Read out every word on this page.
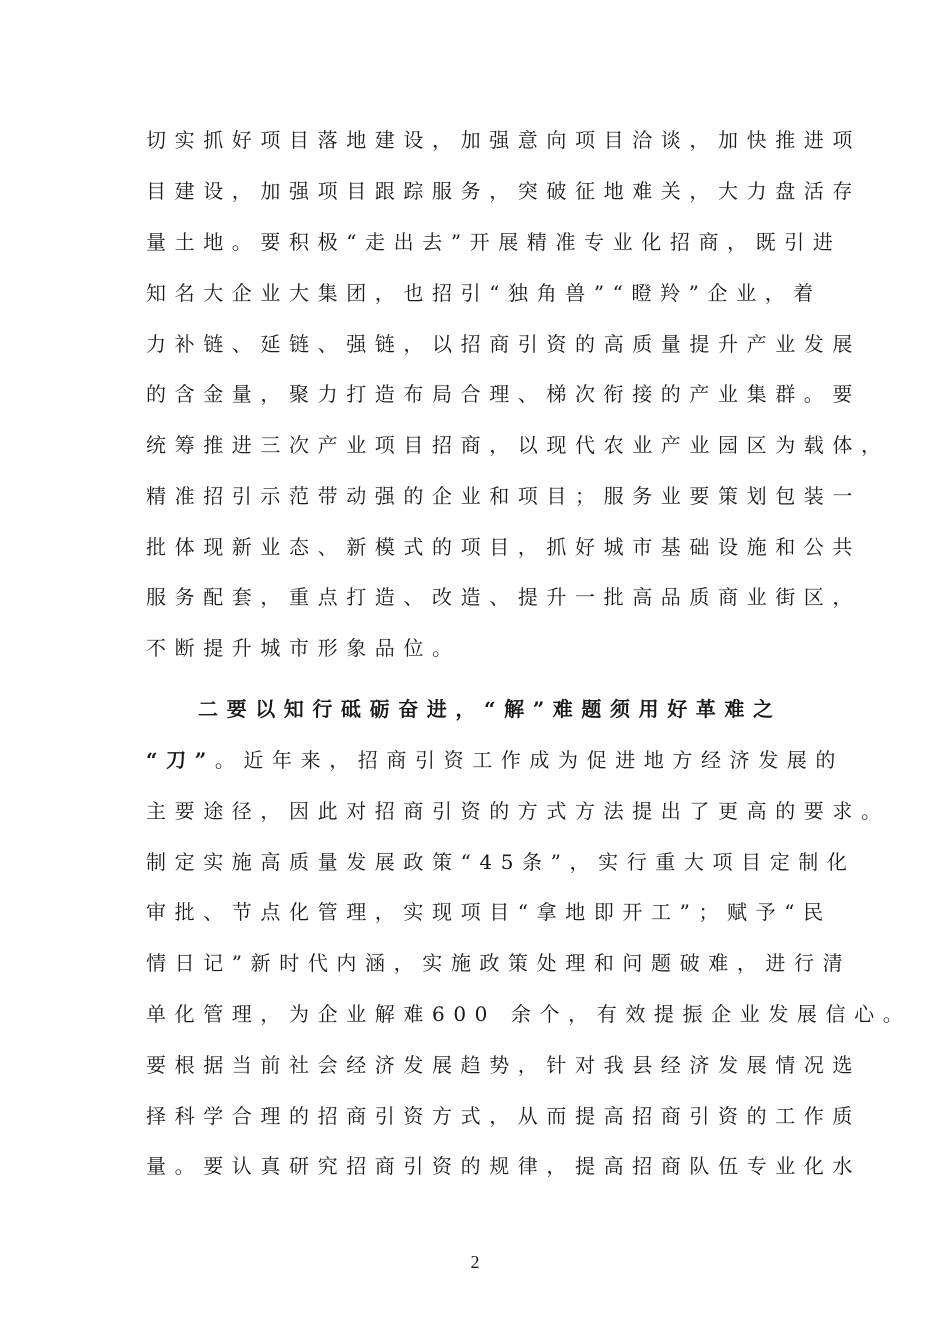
切实抓好项目落地建设，加强意向项目洽谈，加快推进项
目建设，加强项目跟踪服务，突破征地难关，大力盘活存
量土地。要积极“走出去”开展精准专业化招商，既引进
知名大企业大集团，也招引“独角兽”“瞪羚”企业，着
力补链、延链、强链，以招商引资的高质量提升产业发展
的含金量，聚力打造布局合理、梯次衔接的产业集群。要
统筹推进三次产业项目招商，以现代农业产业园区为载体，
精准招引示范带动强的企业和项目；服务业要策划包装一
批体现新业态、新模式的项目，抓好城市基础设施和公共
服务配套，重点打造、改造、提升一批高品质商业街区，
不断提升城市形象品位。
二要以知行砥砺奋进，“解”难题须用好革难之
“刀”。近年来，招商引资工作成为促进地方经济发展的
主要途径，因此对招商引资的方式方法提出了更高的要求。
制定实施高质量发展政策“45条”，实行重大项目定制化
审批、节点化管理，实现项目“拿地即开工”；赋予“民
情日记”新时代内涵，实施政策处理和问题破难，进行清
单化管理，为企业解难600 余个，有效提振企业发展信心。
要根据当前社会经济发展趋势，针对我县经济发展情况选
择科学合理的招商引资方式，从而提高招商引资的工作质
量。要认真研究招商引资的规律，提高招商队伍专业化水
2
